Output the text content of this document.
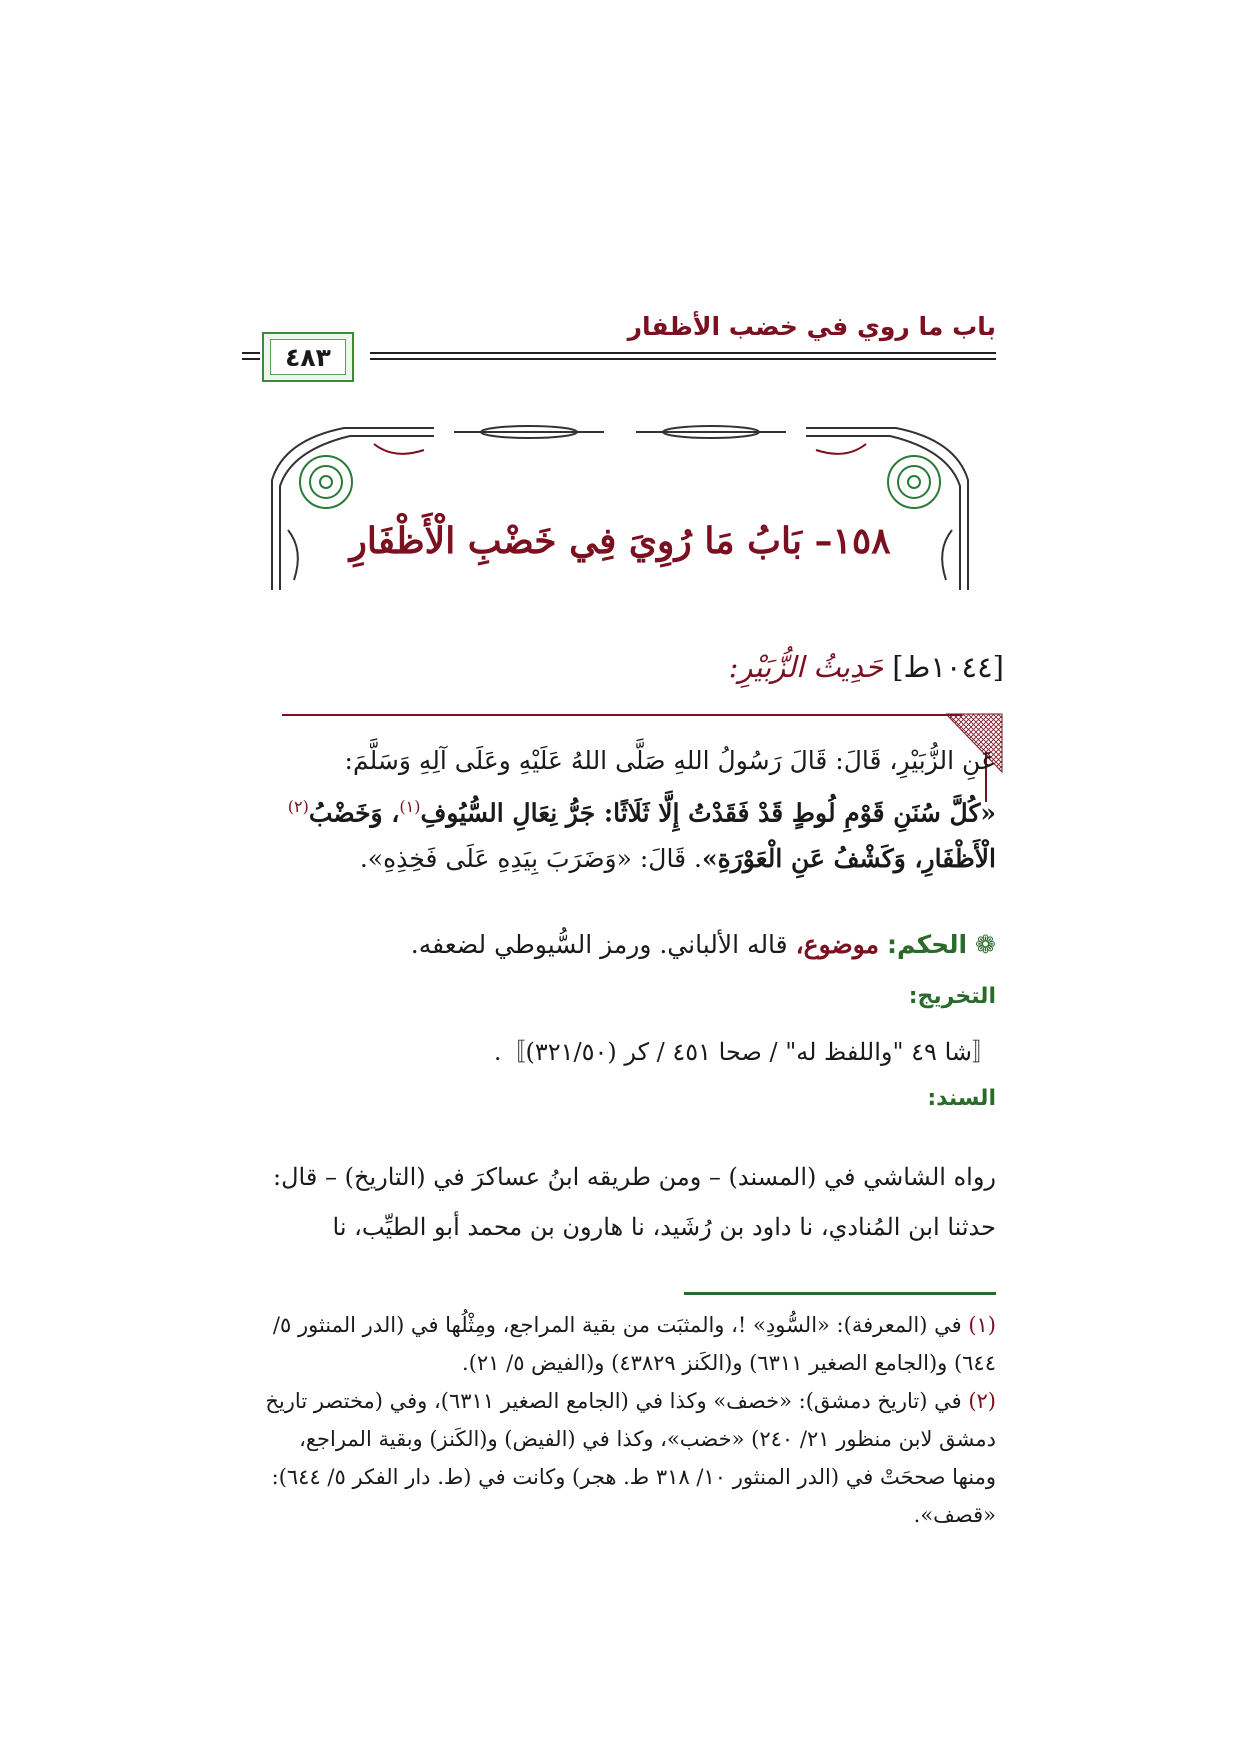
باب ما روي في خضب الأظفار
٤٨٣
١٥٨– بَابُ مَا رُوِيَ فِي خَضْبِ الْأَظْفَارِ
[١٠٤٤ط] حَدِيثُ الزُّبَيْرِ:
عَنِ الزُّبَيْرِ، قَالَ: قَالَ رَسُولُ اللهِ صَلَّى اللهُ عَلَيْهِ وعَلَى آلِهِ وَسَلَّمَ:
«كُلَّ سُنَنِ قَوْمِ لُوطٍ قَدْ فَقَدْتُ إِلَّا ثَلَاثًا: جَرُّ نِعَالِ السُّيُوفِ$^{(١)}$، وَخَضْبُ$^{(٢)}$ الْأَظْفَارِ، وَكَشْفُ عَنِ الْعَوْرَةِ». قَالَ: «وَضَرَبَ بِيَدِهِ عَلَى فَخِذِهِ».
❁ الحكم: موضوع، قاله الألباني. ورمز السُّيوطي لضعفه.
التخريج:
〚شا ٤٩ "واللفظ له" / صحا ٤٥١ / كر (٣٢١/٥٠)〛.
السند:
رواه الشاشي في (المسند) – ومن طريقه ابنُ عساكرَ في (التاريخ) – قال:
حدثنا ابن المُنادي، نا داود بن رُشَيد، نا هارون بن محمد أبو الطيِّب، نا
(١) في (المعرفة): «السُّودِ» !، والمثبَت من بقية المراجع، ومِثْلُها في (الدر المنثور ٥/ ٦٤٤) و(الجامع الصغير ٦٣١١) و(الكَنز ٤٣٨٢٩) و(الفيض ٥/ ٢١).
(٢) في (تاريخ دمشق): «خصف» وكذا في (الجامع الصغير ٦٣١١)، وفي (مختصر تاريخ دمشق لابن منظور ٢١/ ٢٤٠) «خضب»، وكذا في (الفيض) و(الكَنز) وبقية المراجع، ومنها صححَتْ في (الدر المنثور ١٠/ ٣١٨ ط. هجر) وكانت في (ط. دار الفكر ٥/ ٦٤٤): «قصف».
